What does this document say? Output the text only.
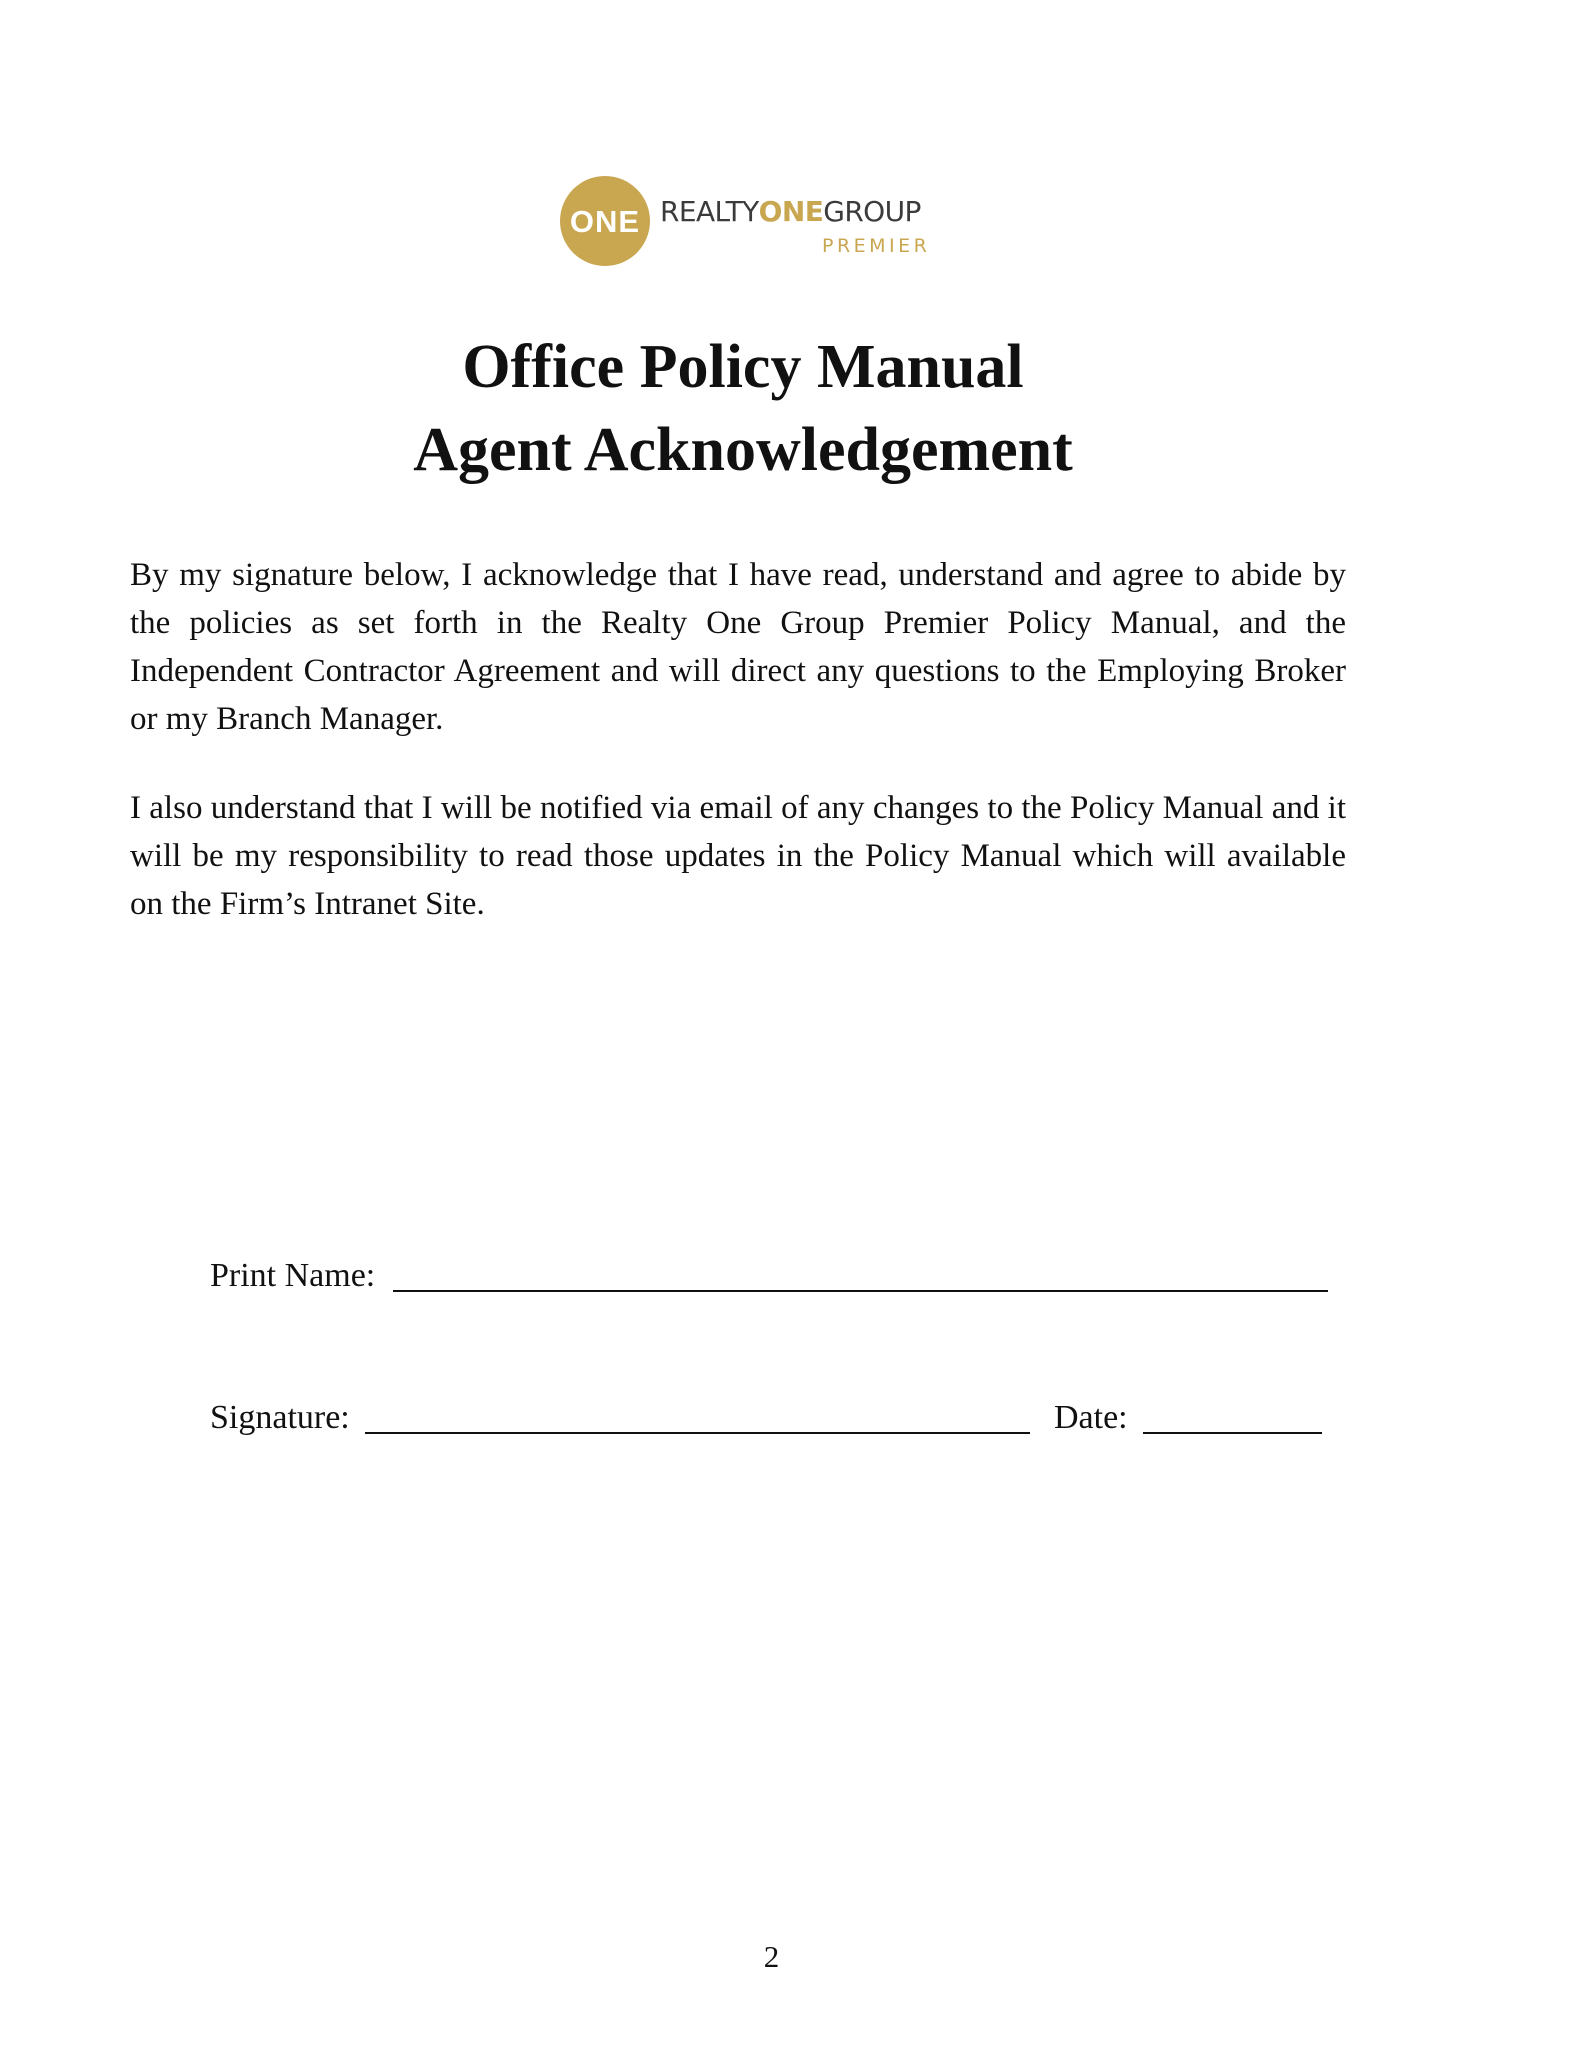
ONE REALTYONEGROUP
PREMIER
Office Policy Manual
Agent Acknowledgement

By my signature below, I acknowledge that I have read, understand and agree to abide by the policies as set forth in the Realty One Group Premier Policy Manual, and the Independent Contractor Agreement and will direct any questions to the Employing Broker or my Branch Manager.

I also understand that I will be notified via email of any changes to the Policy Manual and it will be my responsibility to read those updates in the Policy Manual which will available on the Firm’s Intranet Site.

Print Name:
Signature:	Date:
2
